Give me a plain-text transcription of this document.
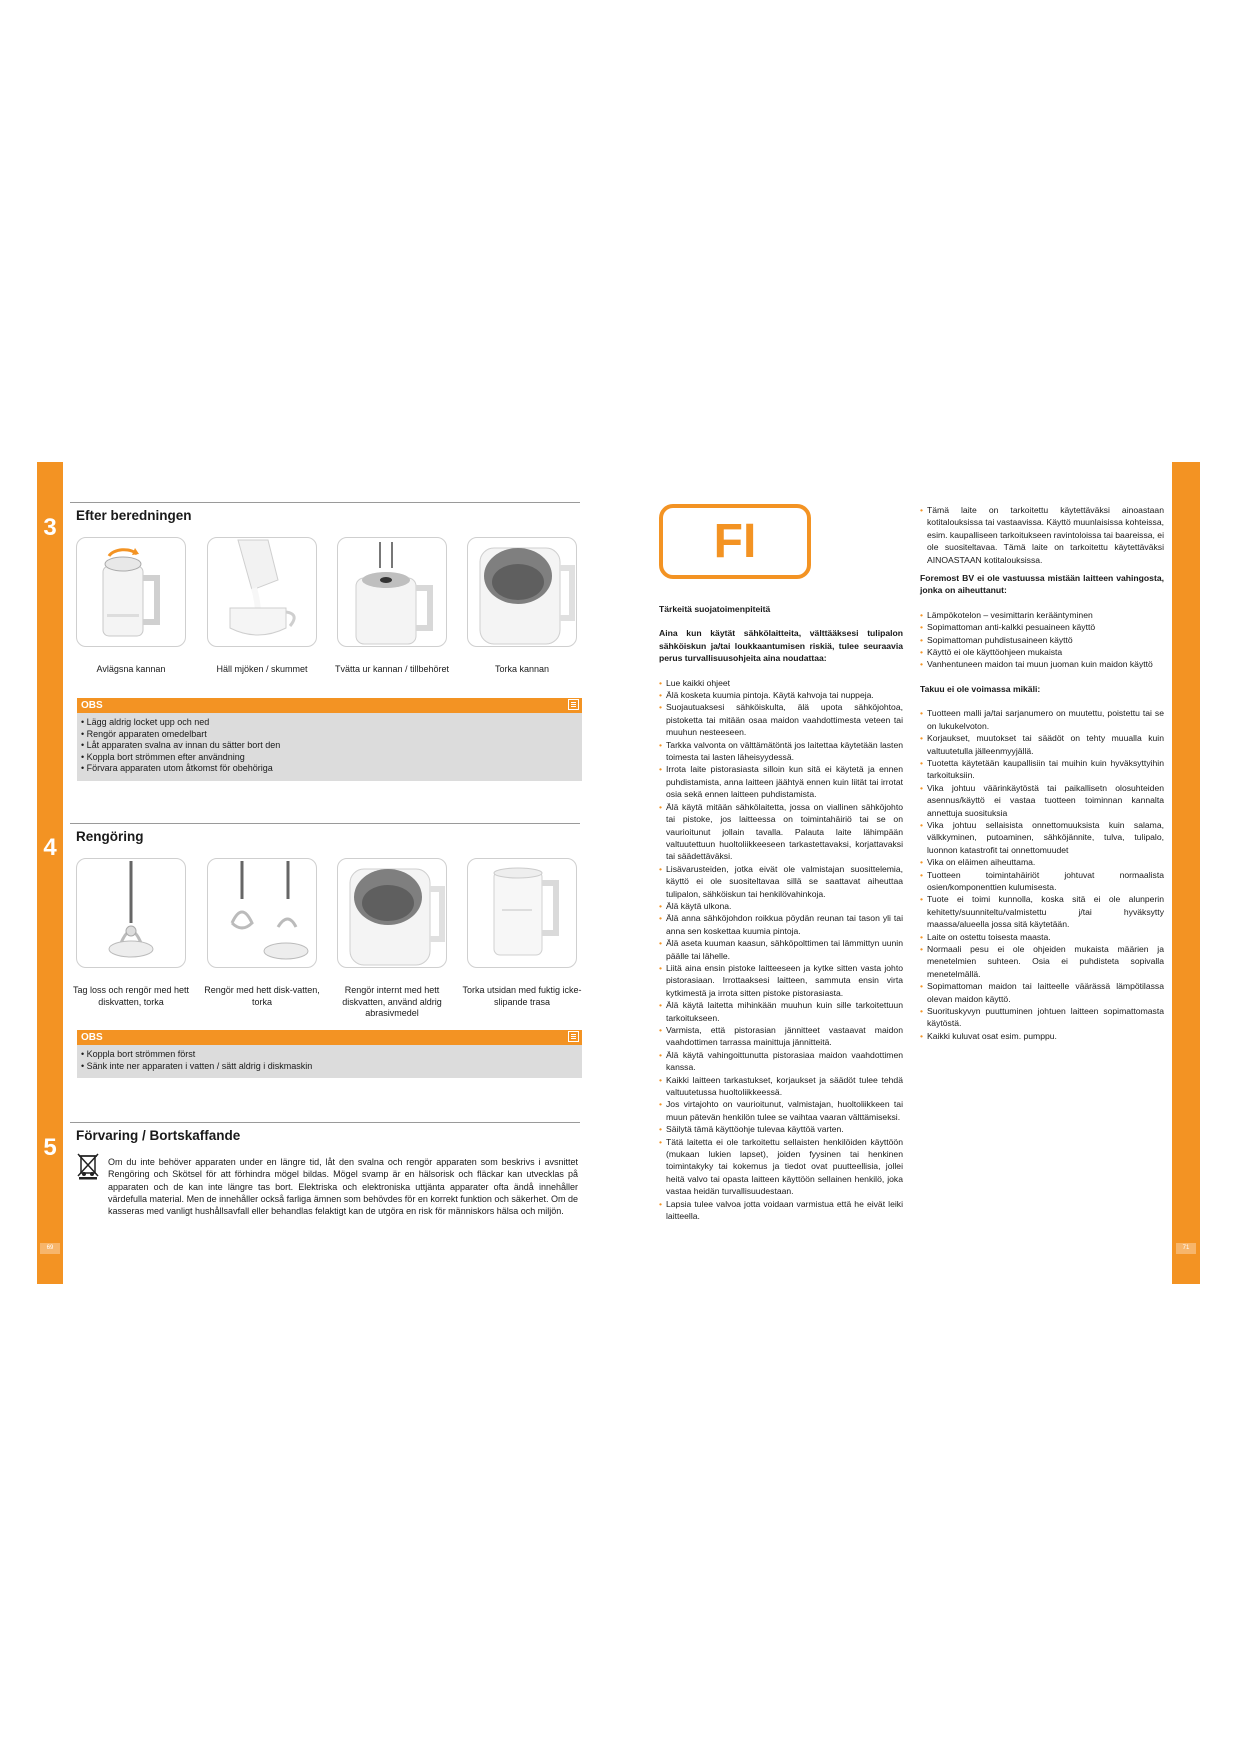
3	Efter beredningen
Avlägsna kannan	Häll mjöken / skummet	Tvätta ur kannan / tillbehöret	Torka kannan
OBS
• Lägg aldrig locket upp och ned
• Rengör apparaten omedelbart
• Låt apparaten svalna av innan du sätter bort den
• Koppla bort strömmen efter användning
• Förvara apparaten utom åtkomst för obehöriga
4	Rengöring
Tag loss och rengör med hett diskvatten, torka
Rengör med hett disk-vatten, torka
Rengör internt med hett diskvatten, använd aldrig abrasivmedel
Torka utsidan med fuktig icke-slipande trasa
OBS
• Koppla bort strömmen först
• Sänk inte ner apparaten i vatten / sätt aldrig i diskmaskin
5	Förvaring / Bortskaffande
Om du inte behöver apparaten under en längre tid, låt den svalna och rengör apparaten som beskrivs i avsnittet Rengöring och Skötsel för att förhindra mögel bildas. Mögel svamp är en hälsorisk och fläckar kan utvecklas på apparaten och de kan inte längre tas bort. Elektriska och elektroniska uttjänta apparater ofta ändå innehåller värdefulla material. Men de innehåller också farliga ämnen som behövdes för en korrekt funktion och säkerhet. Om de kasseras med vanligt hushållsavfall eller behandlas felaktigt kan de utgöra en risk för människors hälsa och miljön.
69
FI
Tärkeitä suojatoimenpiteitä
Aina kun käytät sähkölaitteita, välttääksesi tulipalon sähköiskun ja/tai loukkaantumisen riskiä, tulee seuraavia perus turvallisuusohjeita aina noudattaa:
• Lue kaikki ohjeet
• Älä kosketa kuumia pintoja. Käytä kahvoja tai nuppeja.
• Suojautuaksesi sähköiskulta, älä upota sähköjohtoa, pistoketta tai mitään osaa maidon vaahdottimesta veteen tai muuhun nesteeseen.
• Tarkka valvonta on välttämätöntä jos laitettaa käytetään lasten toimesta tai lasten läheisyydessä.
• Irrota laite pistorasiasta silloin kun sitä ei käytetä ja ennen puhdistamista, anna laitteen jäähtyä ennen kuin liität tai irrotat osia sekä ennen laitteen puhdistamista.
• Älä käytä mitään sähkölaitetta, jossa on viallinen sähköjohto tai pistoke, jos laitteessa on toimintahäiriö tai se on vaurioitunut jollain tavalla. Palauta laite lähimpään valtuutettuun huoltoliikkeeseen tarkastettavaksi, korjattavaksi tai säädettäväksi.
• Lisävarusteiden, jotka eivät ole valmistajan suosittelemia, käyttö ei ole suositeltavaa sillä se saattavat aiheuttaa tulipalon, sähköiskun tai henkilövahinkoja.
• Älä käytä ulkona.
• Älä anna sähköjohdon roikkua pöydän reunan tai tason yli tai anna sen koskettaa kuumia pintoja.
• Älä aseta kuuman kaasun, sähköpolttimen tai lämmittyn uunin päälle tai lähelle.
• Liitä aina ensin pistoke laitteeseen ja kytke sitten vasta johto pistorasiaan. Irrottaaksesi laitteen, sammuta ensin virta kytkimestä ja irrota sitten pistoke pistorasiasta.
• Älä käytä laitetta mihinkään muuhun kuin sille tarkoitettuun tarkoitukseen.
• Varmista, että pistorasian jännitteet vastaavat maidon vaahdottimen tarrassa mainittuja jännitteitä.
• Älä käytä vahingoittunutta pistorasiaa maidon vaahdottimen kanssa.
• Kaikki laitteen tarkastukset, korjaukset ja säädöt tulee tehdä valtuutetussa huoltoliikkeessä.
• Jos virtajohto on vaurioitunut, valmistajan, huoltoliikkeen tai muun pätevän henkilön tulee se vaihtaa vaaran välttämiseksi.
• Säilytä tämä käyttöohje tulevaa käyttöä varten.
• Tätä laitetta ei ole tarkoitettu sellaisten henkilöiden käyttöön (mukaan lukien lapset), joiden fyysinen tai henkinen toimintakyky tai kokemus ja tiedot ovat puutteellisia, jollei heitä valvo tai opasta laitteen käyttöön sellainen henkilö, joka vastaa heidän turvallisuudestaan.
• Lapsia tulee valvoa jotta voidaan varmistua että he eivät leiki laitteella.
• Tämä laite on tarkoitettu käytettäväksi ainoastaan kotitalouksissa tai vastaavissa. Käyttö muunlaisissa kohteissa, esim. kaupalliseen tarkoitukseen ravintoloissa tai baareissa, ei ole suositeltavaa. Tämä laite on tarkoitettu käytettäväksi AINOASTAAN kotitalouksissa.
Foremost BV ei ole vastuussa mistään laitteen vahingosta, jonka on aiheuttanut:
• Lämpökotelon – vesimittarin kerääntyminen
• Sopimattoman anti-kalkki pesuaineen käyttö
• Sopimattoman puhdistusaineen käyttö
• Käyttö ei ole käyttöohjeen mukaista
• Vanhentuneen maidon tai muun juoman kuin maidon käyttö
Takuu ei ole voimassa mikäli:
• Tuotteen malli ja/tai sarjanumero on muutettu, poistettu tai se on lukukelvoton.
• Korjaukset, muutokset tai säädöt on tehty muualla kuin valtuutetulla jälleenmyyjällä.
• Tuotetta käytetään kaupallisiin tai muihin kuin hyväksyttyihin tarkoituksiin.
• Vika johtuu väärinkäytöstä tai paikallisetn olosuhteiden asennus/käyttö ei vastaa tuotteen toiminnan kannalta annettuja suosituksia
• Vika johtuu sellaisista onnettomuuksista kuin salama, välkkyminen, putoaminen, sähköjännite, tulva, tulipalo, luonnon katastrofit tai onnettomuudet
• Vika on eläimen aiheuttama.
• Tuotteen toimintahäiriöt johtuvat normaalista osien/komponenttien kulumisesta.
• Tuote ei toimi kunnolla, koska sitä ei ole alunperin kehitetty/suunniteltu/valmistettu j/tai hyväksytty maassa/alueella jossa sitä käytetään.
• Laite on ostettu toisesta maasta.
• Normaali pesu ei ole ohjeiden mukaista määrien ja menetelmien suhteen. Osia ei puhdisteta sopivalla menetelmällä.
• Sopimattoman maidon tai laitteelle väärässä lämpötilassa olevan maidon käyttö.
• Suorituskyvyn puuttuminen johtuen laitteen sopimattomasta käytöstä.
• Kaikki kuluvat osat esim. pumppu.
71
